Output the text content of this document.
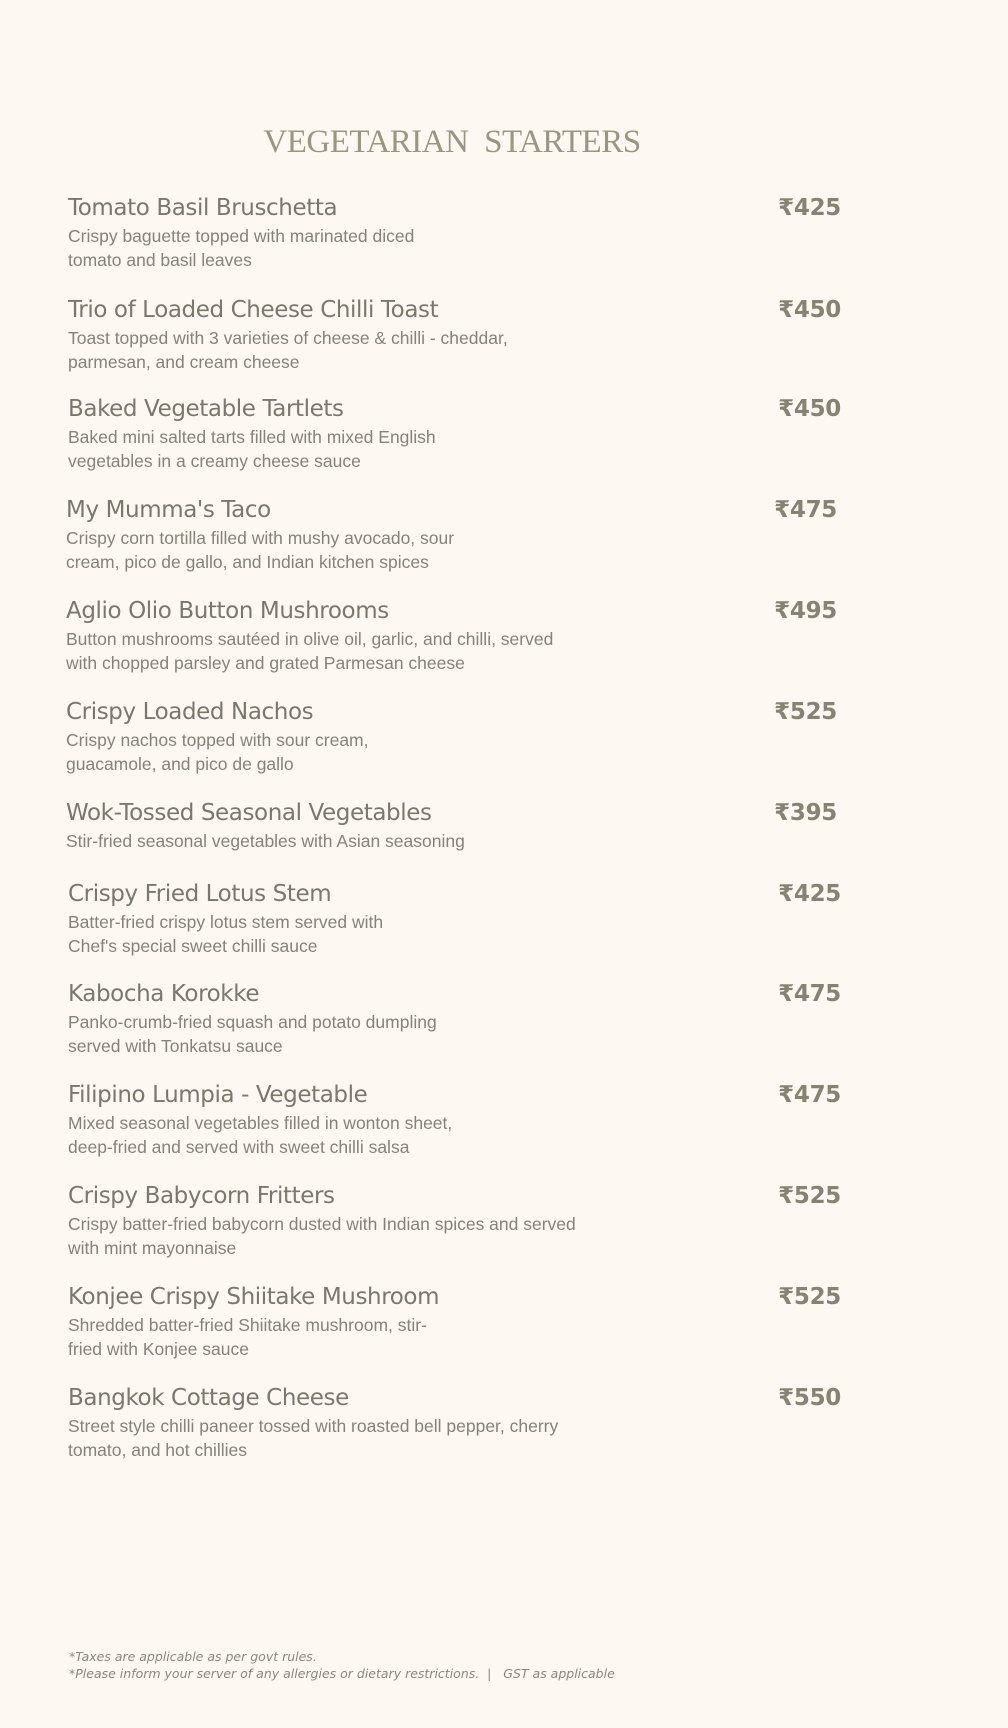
VEGETARIAN STARTERS
Tomato Basil Bruschetta
Crispy baguette topped with marinated diced tomato and basil leaves
₹425
Trio of Loaded Cheese Chilli Toast
Toast topped with 3 varieties of cheese & chilli - cheddar, parmesan, and cream cheese
₹450
Baked Vegetable Tartlets
Baked mini salted tarts filled with mixed English vegetables in a creamy cheese sauce
₹450
My Mumma's Taco
Crispy corn tortilla filled with mushy avocado, sour cream, pico de gallo, and Indian kitchen spices
₹475
Aglio Olio Button Mushrooms
Button mushrooms sautéed in olive oil, garlic, and chilli, served with chopped parsley and grated Parmesan cheese
₹495
Crispy Loaded Nachos
Crispy nachos topped with sour cream, guacamole, and pico de gallo
₹525
Wok-Tossed Seasonal Vegetables
Stir-fried seasonal vegetables with Asian seasoning
₹395
Crispy Fried Lotus Stem
Batter-fried crispy lotus stem served with Chef's special sweet chilli sauce
₹425
Kabocha Korokke
Panko-crumb-fried squash and potato dumpling served with Tonkatsu sauce
₹475
Filipino Lumpia - Vegetable
Mixed seasonal vegetables filled in wonton sheet, deep-fried and served with sweet chilli salsa
₹475
Crispy Babycorn Fritters
Crispy batter-fried babycorn dusted with Indian spices and served with mint mayonnaise
₹525
Konjee Crispy Shiitake Mushroom
Shredded batter-fried Shiitake mushroom, stir-fried with Konjee sauce
₹525
Bangkok Cottage Cheese
Street style chilli paneer tossed with roasted bell pepper, cherry tomato, and hot chillies
₹550
*Taxes are applicable as per govt rules.
*Please inform your server of any allergies or dietary restrictions.  |   GST as applicable
